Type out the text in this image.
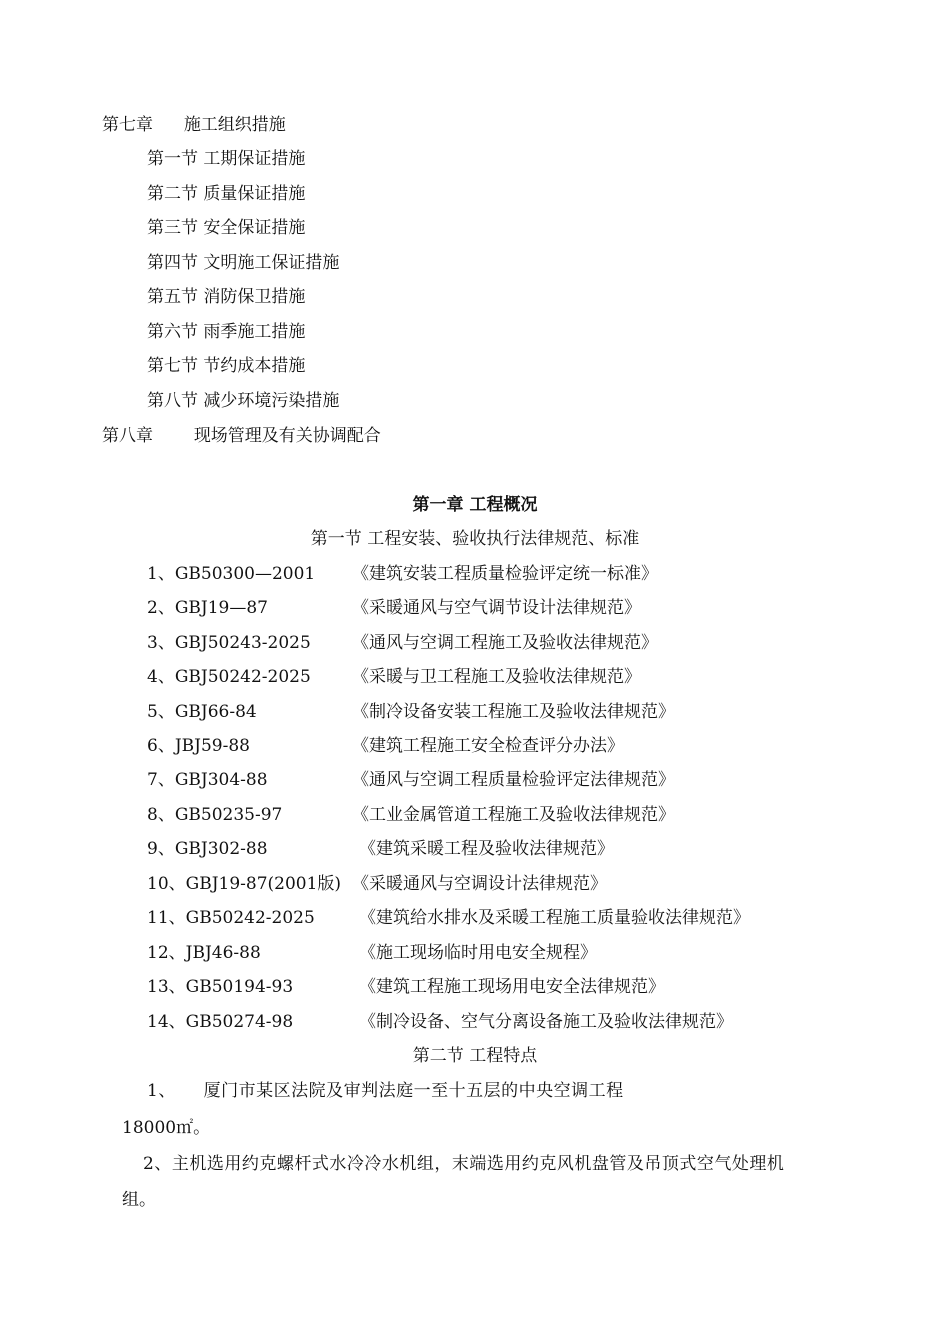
第七章 施工组织措施
第一节 工期保证措施
第二节 质量保证措施
第三节 安全保证措施
第四节 文明施工保证措施
第五节 消防保卫措施
第六节 雨季施工措施
第七节 节约成本措施
第八节 减少环境污染措施
第八章 现场管理及有关协调配合
第一章 工程概况
第一节 工程安装、验收执行法律规范、标准
1、GB50300—2001 《建筑安装工程质量检验评定统一标准》
2、GBJ19—87	《采暖通风与空气调节设计法律规范》
3、GBJ50243-2025 《通风与空调工程施工及验收法律规范》
4、GBJ50242-2025 《采暖与卫工程施工及验收法律规范》
5、GBJ66-84	《制冷设备安装工程施工及验收法律规范》
6、JBJ59-88	《建筑工程施工安全检查评分办法》
7、GBJ304-88	《通风与空调工程质量检验评定法律规范》
8、GB50235-97	《工业金属管道工程施工及验收法律规范》
9、GBJ302-88	《建筑采暖工程及验收法律规范》
10、GBJ19-87(2001版) 《采暖通风与空调设计法律规范》
11、GB50242-2025	《建筑给水排水及采暖工程施工质量验收法律规范》
12、JBJ46-88	《施工现场临时用电安全规程》
13、GB50194-93	《建筑工程施工现场用电安全法律规范》
14、GB50274-98	《制冷设备、空气分离设备施工及验收法律规范》
第二节 工程特点
1、 厦门市某区法院及审判法庭一至十五层的中央空调工程
18000㎡。
2、主机选用约克螺杆式水冷冷水机组，末端选用约克风机盘管及吊顶式空气处理机
组。
